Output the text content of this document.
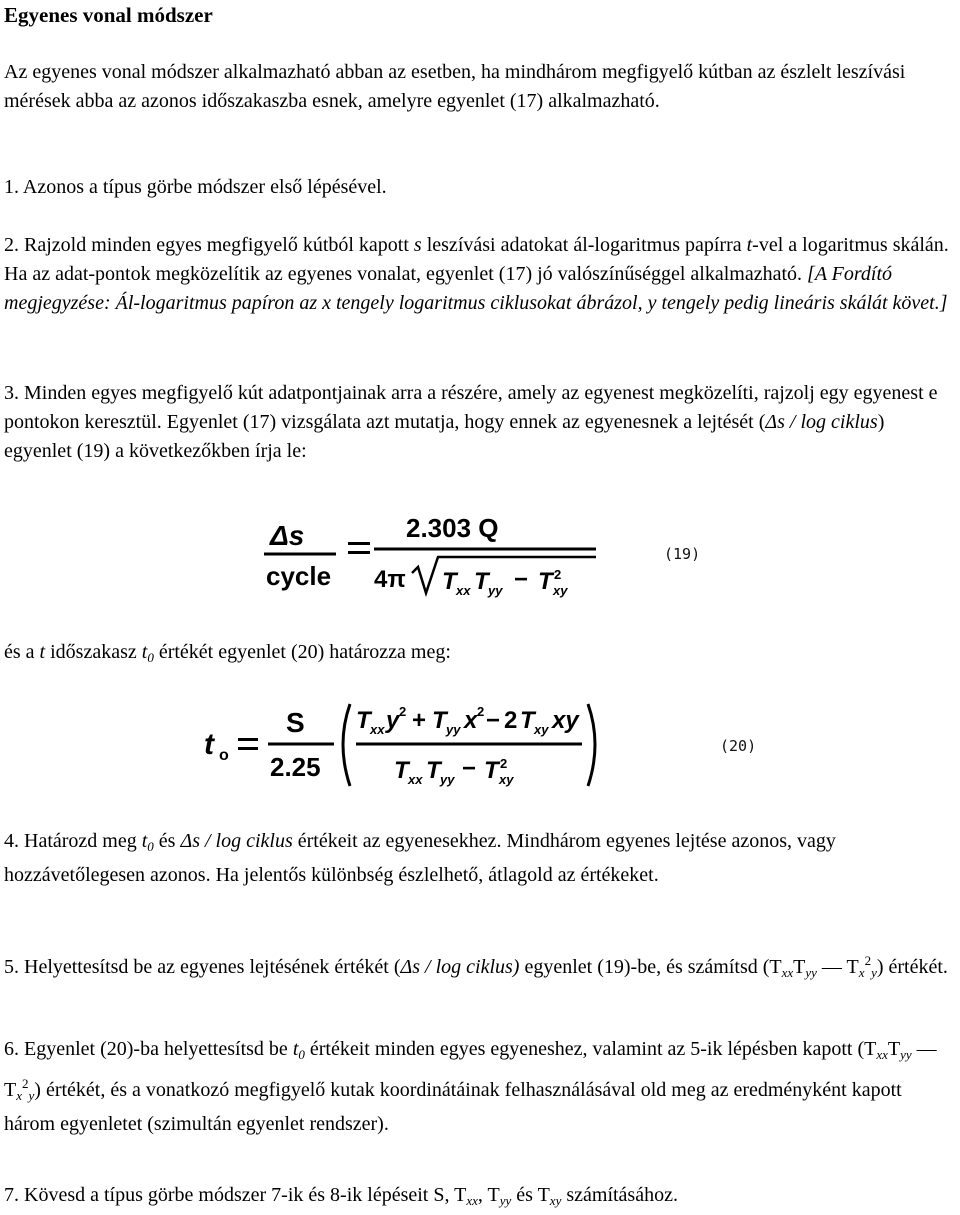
Egyenes vonal módszer

Az egyenes vonal módszer alkalmazható abban az esetben, ha mindhárom megfigyelő kútban az észlelt leszívási mérések abba az azonos időszakaszba esnek, amelyre egyenlet (17) alkalmazható.

1. Azonos a típus görbe módszer első lépésével.

2. Rajzold minden egyes megfigyelő kútból kapott s leszívási adatokat ál-logaritmus papírra t-vel a logaritmus skálán. Ha az adat-pontok megközelítik az egyenes vonalat, egyenlet (17) jó valószínűséggel alkalmazható. [A Fordító megjegyzése: Ál-logaritmus papíron az x tengely logaritmus ciklusokat ábrázol, y tengely pedig lineáris skálát követ.]

3. Minden egyes megfigyelő kút adatpontjainak arra a részére, amely az egyenest megközelíti, rajzolj egy egyenest e pontokon keresztül. Egyenlet (17) vizsgálata azt mutatja, hogy ennek az egyenesnek a lejtését (Δs / log ciklus) egyenlet (19) a következőkben írja le:

Δs
cycle
2.303 Q
4π T xx T yy − T 2
xy
(19)

és a t időszakasz $t_0$ értékét egyenlet (20) határozza meg:

t o
S
2.25
T xx y 2 + T yy x 2 − 2 T xy xy
T xx T yy − T 2
xy
(20)

4. Határozd meg $t_0$ és Δs / log ciklus értékeit az egyenesekhez. Mindhárom egyenes lejtése azonos, vagy hozzávetőlegesen azonos. Ha jelentős különbség észlelhető, átlagold az értékeket.

5. Helyettesítsd be az egyenes lejtésének értékét (Δs / log ciklus) egyenlet (19)-be, és számítsd ($T_{xx}T_{yy}$ — $T_x^2_y$) értékét.

6. Egyenlet (20)-ba helyettesítsd be $t_0$ értékeit minden egyes egyeneshez, valamint az 5-ik lépésben kapott ($T_{xx}T_{yy}$ — $T_x^2_y$) értékét, és a vonatkozó megfigyelő kutak koordinátáinak felhasználásával old meg az eredményként kapott három egyenletet (szimultán egyenlet rendszer).

7. Kövesd a típus görbe módszer 7-ik és 8-ik lépéseit S, $T_{xx}$, $T_{yy}$ és $T_{xy}$ számításához.
